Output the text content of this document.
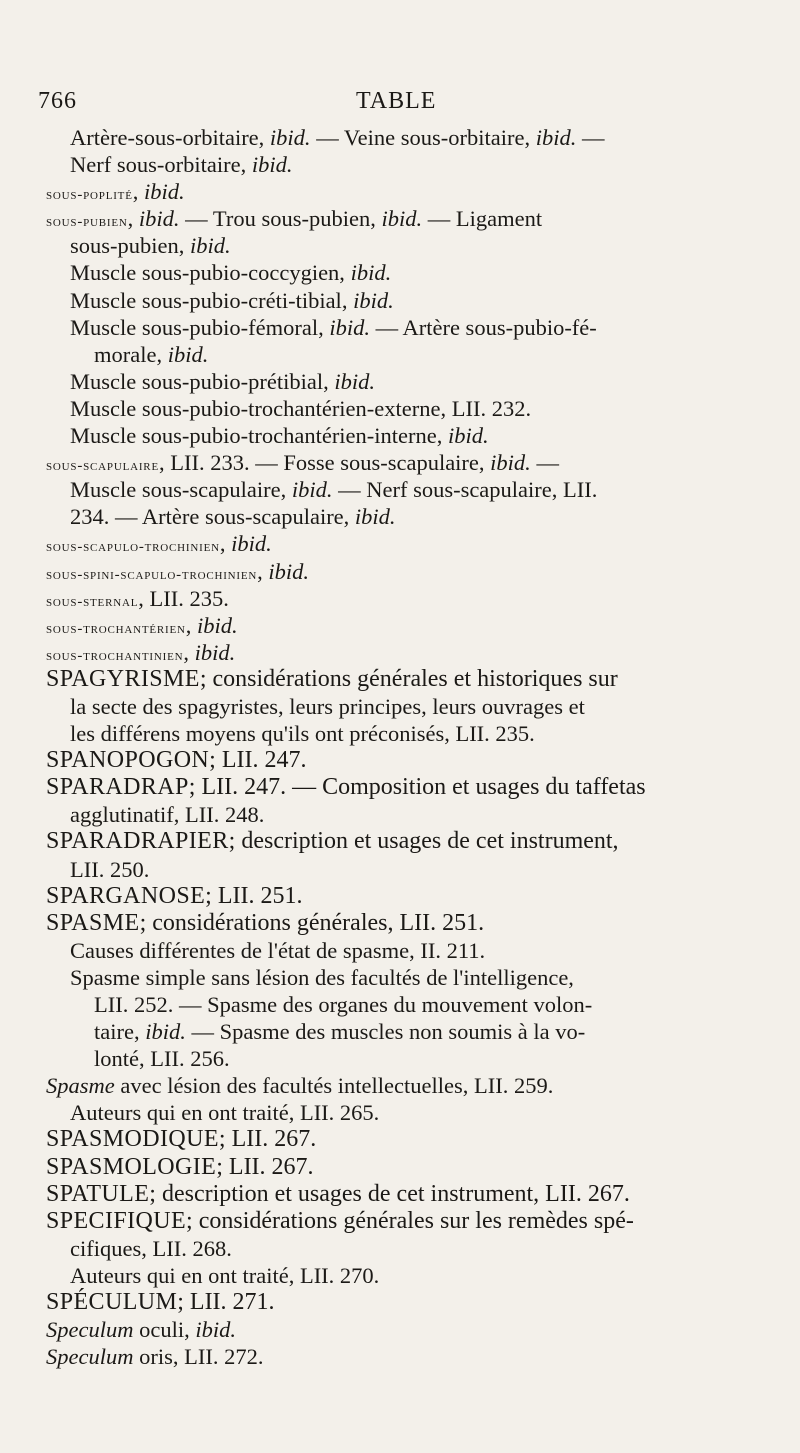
766	TABLE
Artère-sous-orbitaire, ibid. — Veine sous-orbitaire, ibid. —
Nerf sous-orbitaire, ibid.
sous-poplité, ibid.
sous-pubien, ibid. — Trou sous-pubien, ibid. — Ligament
sous-pubien, ibid.
Muscle sous-pubio-coccygien, ibid.
Muscle sous-pubio-créti-tibial, ibid.
Muscle sous-pubio-fémoral, ibid. — Artère sous-pubio-fé-
morale, ibid.
Muscle sous-pubio-prétibial, ibid.
Muscle sous-pubio-trochantérien-externe, LII. 232.
Muscle sous-pubio-trochantérien-interne, ibid.
sous-scapulaire, LII. 233. — Fosse sous-scapulaire, ibid. —
Muscle sous-scapulaire, ibid. — Nerf sous-scapulaire, LII.
234. — Artère sous-scapulaire, ibid.
sous-scapulo-trochinien, ibid.
sous-spini-scapulo-trochinien, ibid.
sous-sternal, LII. 235.
sous-trochantérien, ibid.
sous-trochantinien, ibid.
SPAGYRISME; considérations générales et historiques sur
la secte des spagyristes, leurs principes, leurs ouvrages et
les différens moyens qu'ils ont préconisés, LII. 235.
SPANOPOGON; LII. 247.
SPARADRAP; LII. 247. — Composition et usages du taffetas
agglutinatif, LII. 248.
SPARADRAPIER; description et usages de cet instrument,
LII. 250.
SPARGANOSE; LII. 251.
SPASME; considérations générales, LII. 251.
Causes différentes de l'état de spasme, II. 211.
Spasme simple sans lésion des facultés de l'intelligence,
LII. 252. — Spasme des organes du mouvement volon-
taire, ibid. — Spasme des muscles non soumis à la vo-
lonté, LII. 256.
Spasme avec lésion des facultés intellectuelles, LII. 259.
Auteurs qui en ont traité, LII. 265.
SPASMODIQUE; LII. 267.
SPASMOLOGIE; LII. 267.
SPATULE; description et usages de cet instrument, LII. 267.
SPECIFIQUE; considérations générales sur les remèdes spé-
cifiques, LII. 268.
Auteurs qui en ont traité, LII. 270.
SPÉCULUM; LII. 271.
Speculum oculi, ibid.
Speculum oris, LII. 272.
